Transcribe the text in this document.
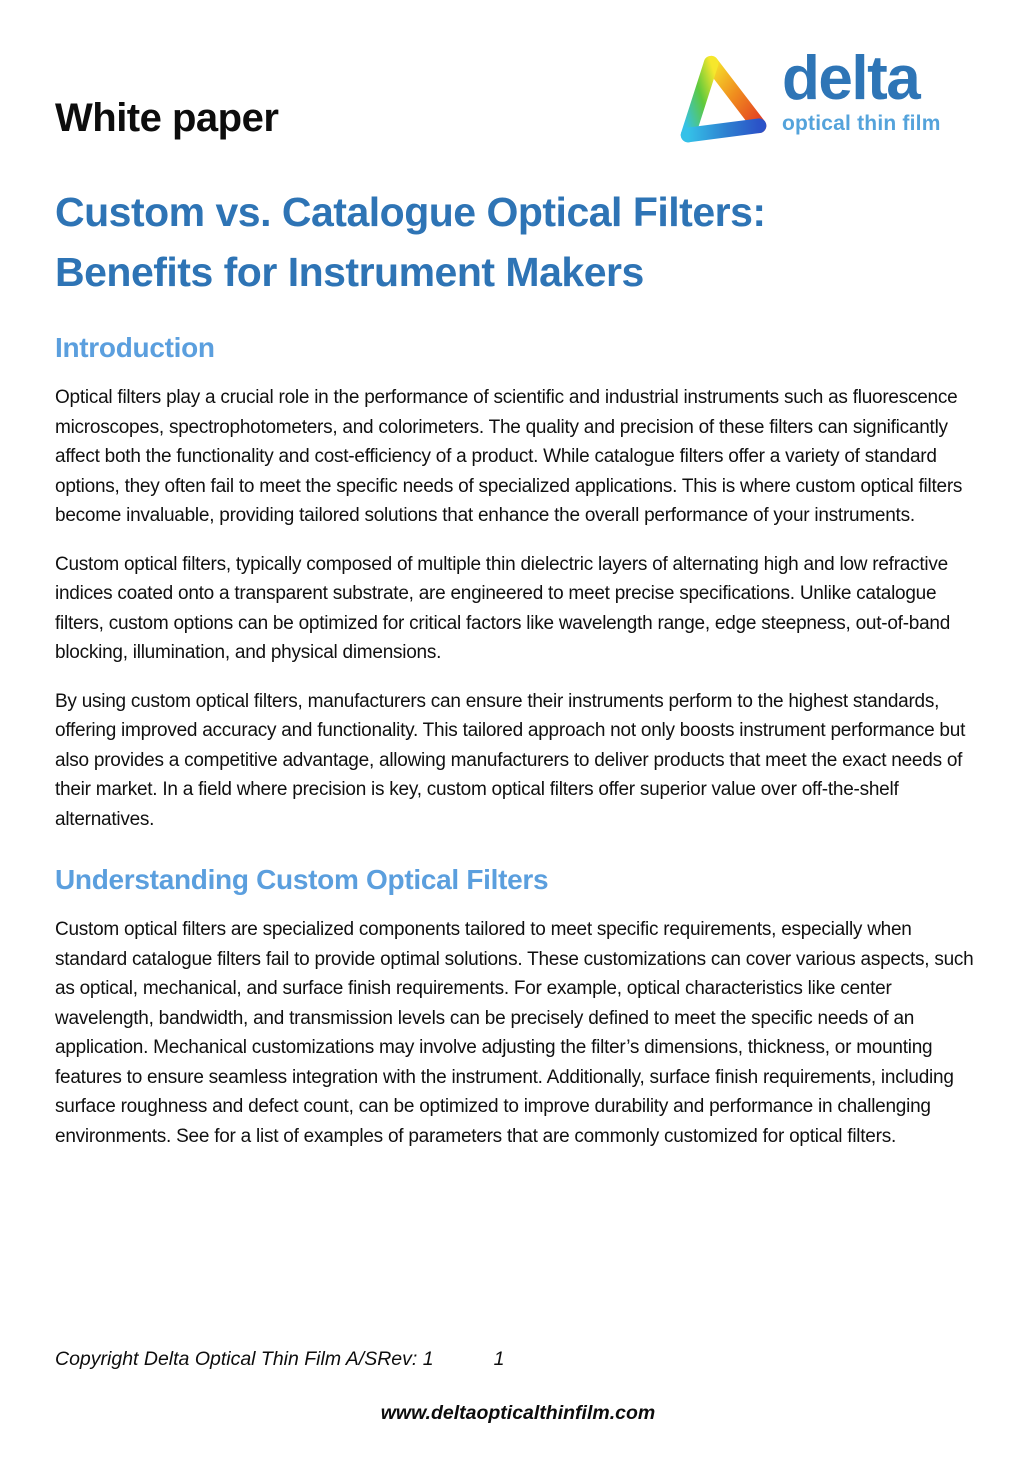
White paper
delta
optical thin film
Custom vs. Catalogue Optical Filters:
Benefits for Instrument Makers
Introduction

Optical filters play a crucial role in the performance of scientific and industrial instruments such as fluorescence microscopes, spectrophotometers, and colorimeters. The quality and precision of these filters can significantly affect both the functionality and cost-efficiency of a product. While catalogue filters offer a variety of standard options, they often fail to meet the specific needs of specialized applications. This is where custom optical filters become invaluable, providing tailored solutions that enhance the overall performance of your instruments.

Custom optical filters, typically composed of multiple thin dielectric layers of alternating high and low refractive indices coated onto a transparent substrate, are engineered to meet precise specifications. Unlike catalogue filters, custom options can be optimized for critical factors like wavelength range, edge steepness, out-of-band blocking, illumination, and physical dimensions.

By using custom optical filters, manufacturers can ensure their instruments perform to the highest standards, offering improved accuracy and functionality. This tailored approach not only boosts instrument performance but also provides a competitive advantage, allowing manufacturers to deliver products that meet the exact needs of their market. In a field where precision is key, custom optical filters offer superior value over off-the-shelf alternatives.

Understanding Custom Optical Filters

Custom optical filters are specialized components tailored to meet specific requirements, especially when standard catalogue filters fail to provide optimal solutions. These customizations can cover various aspects, such as optical, mechanical, and surface finish requirements. For example, optical characteristics like center wavelength, bandwidth, and transmission levels can be precisely defined to meet the specific needs of an application. Mechanical customizations may involve adjusting the filter’s dimensions, thickness, or mounting features to ensure seamless integration with the instrument. Additionally, surface finish requirements, including surface roughness and defect count, can be optimized to improve durability and performance in challenging environments. See for a list of examples of parameters that are commonly customized for optical filters.

Copyright Delta Optical Thin Film A/SRev: 1	1
www.deltaopticalthinfilm.com
